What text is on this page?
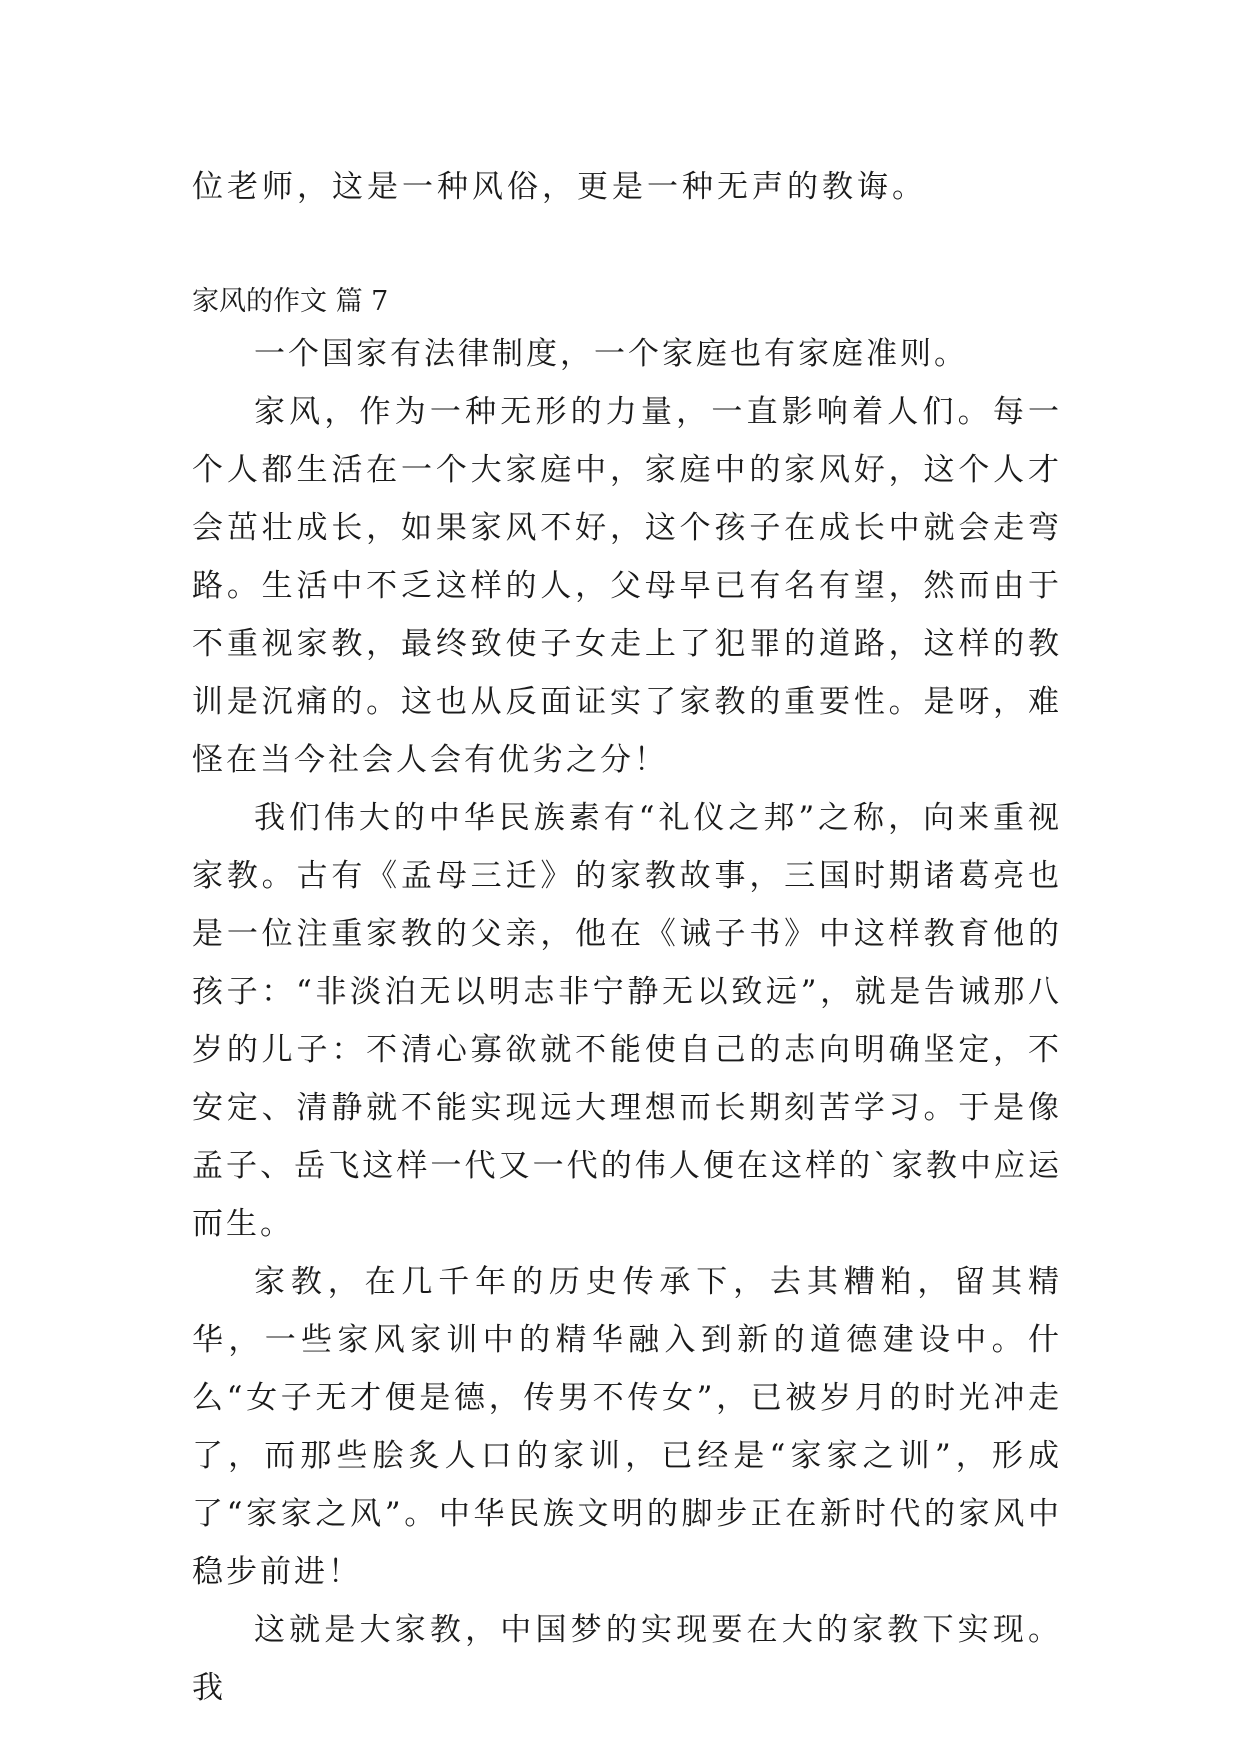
位老师，这是一种风俗，更是一种无声的教诲。
家风的作文 篇 7

一个国家有法律制度，一个家庭也有家庭准则。

家风，作为一种无形的力量，一直影响着人们。每一个人都生活在一个大家庭中，家庭中的家风好，这个人才会茁壮成长，如果家风不好，这个孩子在成长中就会走弯路。生活中不乏这样的人，父母早已有名有望，然而由于不重视家教，最终致使子女走上了犯罪的道路，这样的教训是沉痛的。这也从反面证实了家教的重要性。是呀，难怪在当今社会人会有优劣之分！

我们伟大的中华民族素有“礼仪之邦”之称，向来重视家教。古有《孟母三迁》的家教故事，三国时期诸葛亮也是一位注重家教的父亲，他在《诫子书》中这样教育他的孩子：“非淡泊无以明志非宁静无以致远”，就是告诫那八岁的儿子：不清心寡欲就不能使自己的志向明确坚定，不安定、清静就不能实现远大理想而长期刻苦学习。于是像孟子、岳飞这样一代又一代的伟人便在这样的`家教中应运而生。

家教，在几千年的历史传承下，去其糟粕，留其精华，一些家风家训中的精华融入到新的道德建设中。什么“女子无才便是德，传男不传女”，已被岁月的时光冲走了，而那些脍炙人口的家训，已经是“家家之训”，形成了“家家之风”。中华民族文明的脚步正在新时代的家风中稳步前进！

这就是大家教，中国梦的实现要在大的家教下实现。我
